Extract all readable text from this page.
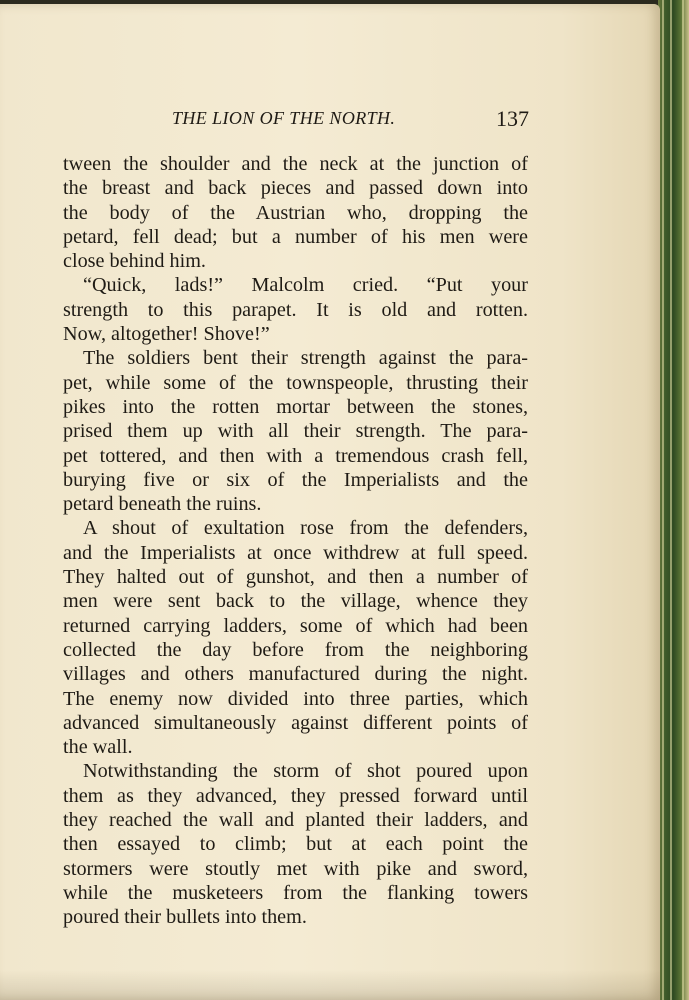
THE LION OF THE NORTH.	137

tween the shoulder and the neck at the junction of

the breast and back pieces and passed down into

the body of the Austrian who, dropping the

petard, fell dead; but a number of his men were

close behind him.

“Quick, lads!” Malcolm cried. “Put your

strength to this parapet. It is old and rotten.

Now, altogether! Shove!”

The soldiers bent their strength against the para-

pet, while some of the townspeople, thrusting their

pikes into the rotten mortar between the stones,

prised them up with all their strength. The para-

pet tottered, and then with a tremendous crash fell,

burying five or six of the Imperialists and the

petard beneath the ruins.

A shout of exultation rose from the defenders,

and the Imperialists at once withdrew at full speed.

They halted out of gunshot, and then a number of

men were sent back to the village, whence they

returned carrying ladders, some of which had been

collected the day before from the neighboring

villages and others manufactured during the night.

The enemy now divided into three parties, which

advanced simultaneously against different points of

the wall.

Notwithstanding the storm of shot poured upon

them as they advanced, they pressed forward until

they reached the wall and planted their ladders, and

then essayed to climb; but at each point the

stormers were stoutly met with pike and sword,

while the musketeers from the flanking towers

poured their bullets into them.
